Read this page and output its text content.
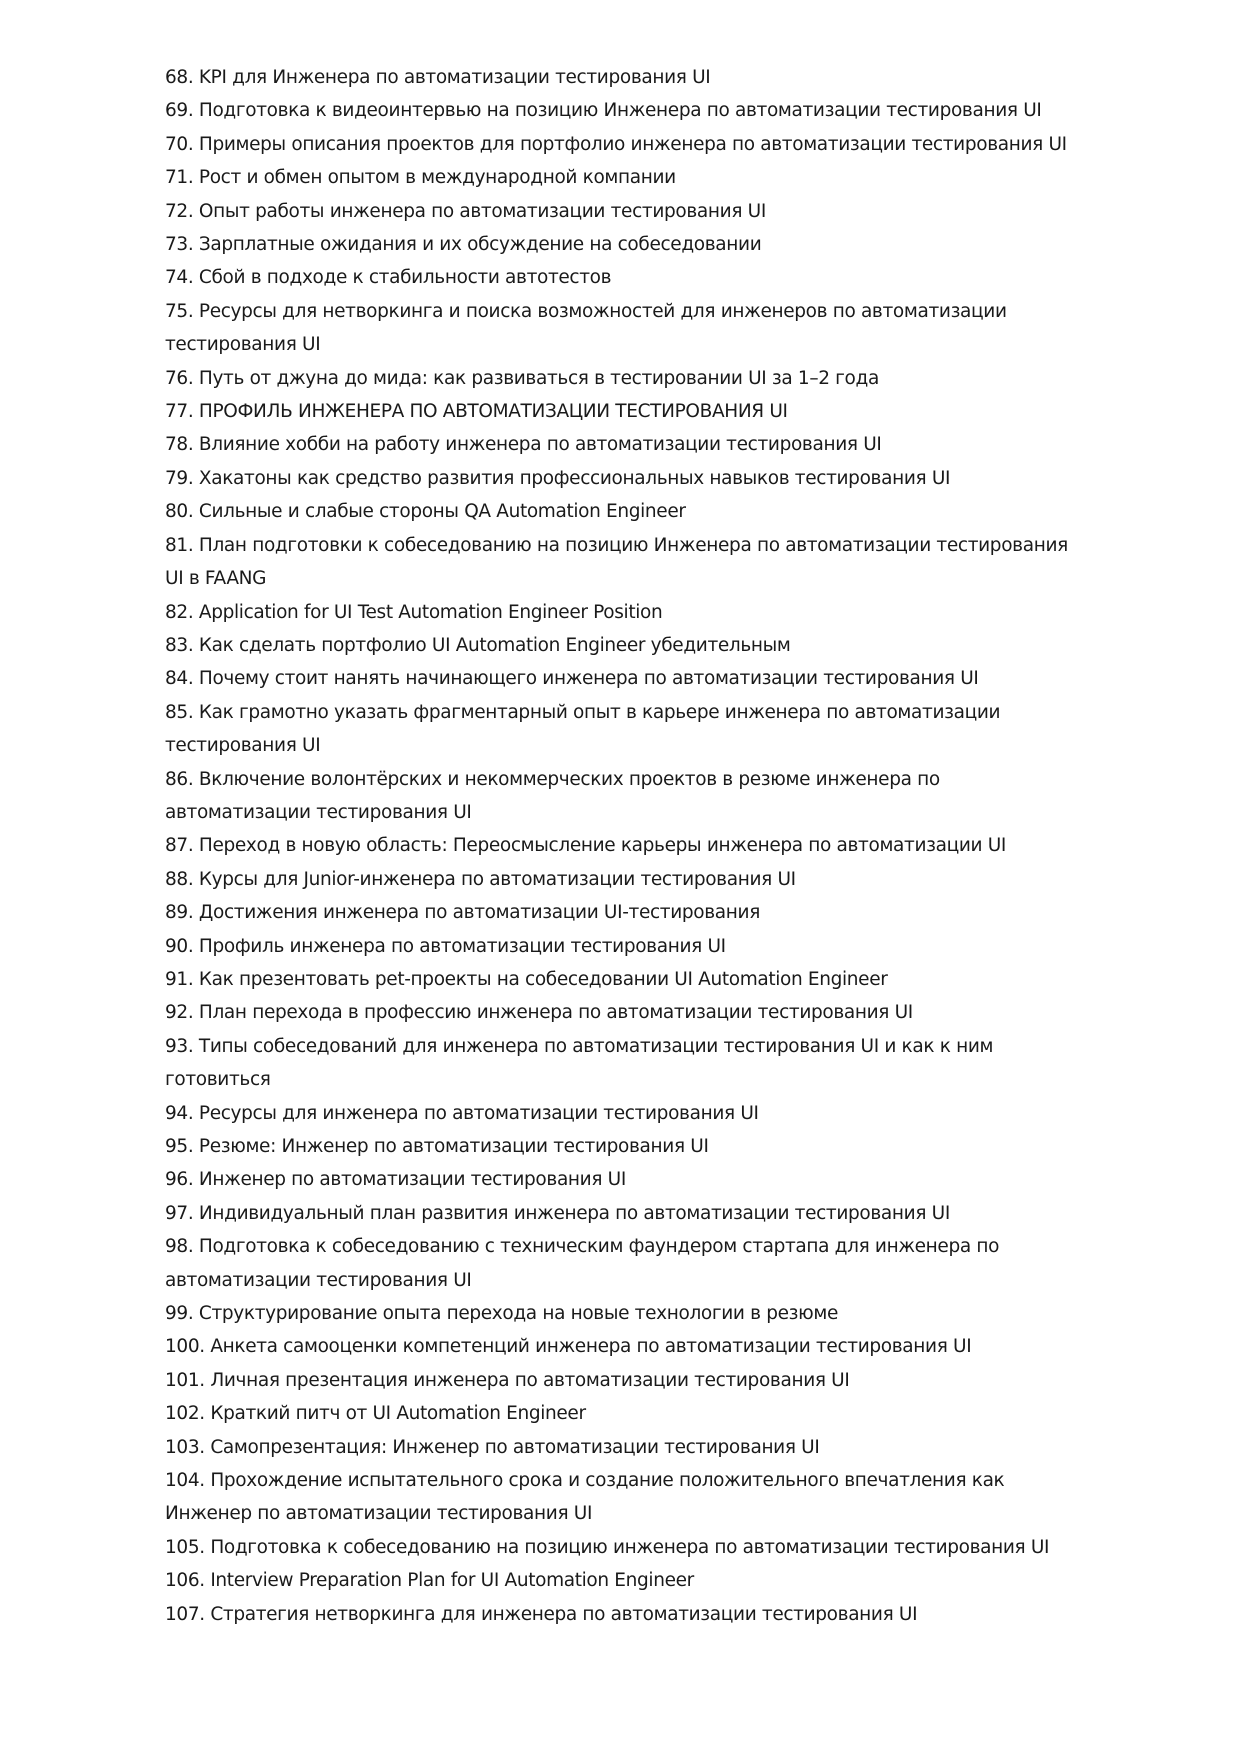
68. KPI для Инженера по автоматизации тестирования UI
69. Подготовка к видеоинтервью на позицию Инженера по автоматизации тестирования UI
70. Примеры описания проектов для портфолио инженера по автоматизации тестирования UI
71. Рост и обмен опытом в международной компании
72. Опыт работы инженера по автоматизации тестирования UI
73. Зарплатные ожидания и их обсуждение на собеседовании
74. Сбой в подходе к стабильности автотестов
75. Ресурсы для нетворкинга и поиска возможностей для инженеров по автоматизации тестирования UI
76. Путь от джуна до мида: как развиваться в тестировании UI за 1–2 года
77. ПРОФИЛЬ ИНЖЕНЕРА ПО АВТОМАТИЗАЦИИ ТЕСТИРОВАНИЯ UI
78. Влияние хобби на работу инженера по автоматизации тестирования UI
79. Хакатоны как средство развития профессиональных навыков тестирования UI
80. Сильные и слабые стороны QA Automation Engineer
81. План подготовки к собеседованию на позицию Инженера по автоматизации тестирования UI в FAANG
82. Application for UI Test Automation Engineer Position
83. Как сделать портфолио UI Automation Engineer убедительным
84. Почему стоит нанять начинающего инженера по автоматизации тестирования UI
85. Как грамотно указать фрагментарный опыт в карьере инженера по автоматизации тестирования UI
86. Включение волонтёрских и некоммерческих проектов в резюме инженера по автоматизации тестирования UI
87. Переход в новую область: Переосмысление карьеры инженера по автоматизации UI
88. Курсы для Junior-инженера по автоматизации тестирования UI
89. Достижения инженера по автоматизации UI-тестирования
90. Профиль инженера по автоматизации тестирования UI
91. Как презентовать pet-проекты на собеседовании UI Automation Engineer
92. План перехода в профессию инженера по автоматизации тестирования UI
93. Типы собеседований для инженера по автоматизации тестирования UI и как к ним готовиться
94. Ресурсы для инженера по автоматизации тестирования UI
95. Резюме: Инженер по автоматизации тестирования UI
96. Инженер по автоматизации тестирования UI
97. Индивидуальный план развития инженера по автоматизации тестирования UI
98. Подготовка к собеседованию с техническим фаундером стартапа для инженера по автоматизации тестирования UI
99. Структурирование опыта перехода на новые технологии в резюме
100. Анкета самооценки компетенций инженера по автоматизации тестирования UI
101. Личная презентация инженера по автоматизации тестирования UI
102. Краткий питч от UI Automation Engineer
103. Самопрезентация: Инженер по автоматизации тестирования UI
104. Прохождение испытательного срока и создание положительного впечатления как Инженер по автоматизации тестирования UI
105. Подготовка к собеседованию на позицию инженера по автоматизации тестирования UI
106. Interview Preparation Plan for UI Automation Engineer
107. Стратегия нетворкинга для инженера по автоматизации тестирования UI
